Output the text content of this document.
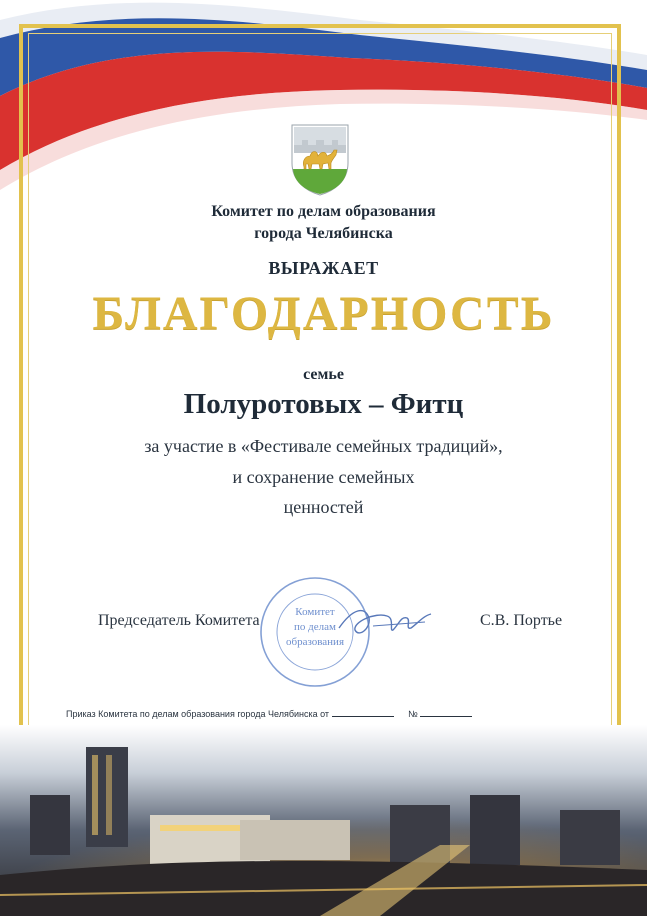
Комитет по делам образования
города Челябинска
ВЫРАЖАЕТ
БЛАГОДАРНОСТЬ
семье
Полуротовых – Фитц
за участие в «Фестивале семейных традиций»,
и сохранение семейных
ценностей
Комитет
по делам
образования
Председатель Комитета	С.В. Портье
Приказ Комитета по делам образования города Челябинска от	№
